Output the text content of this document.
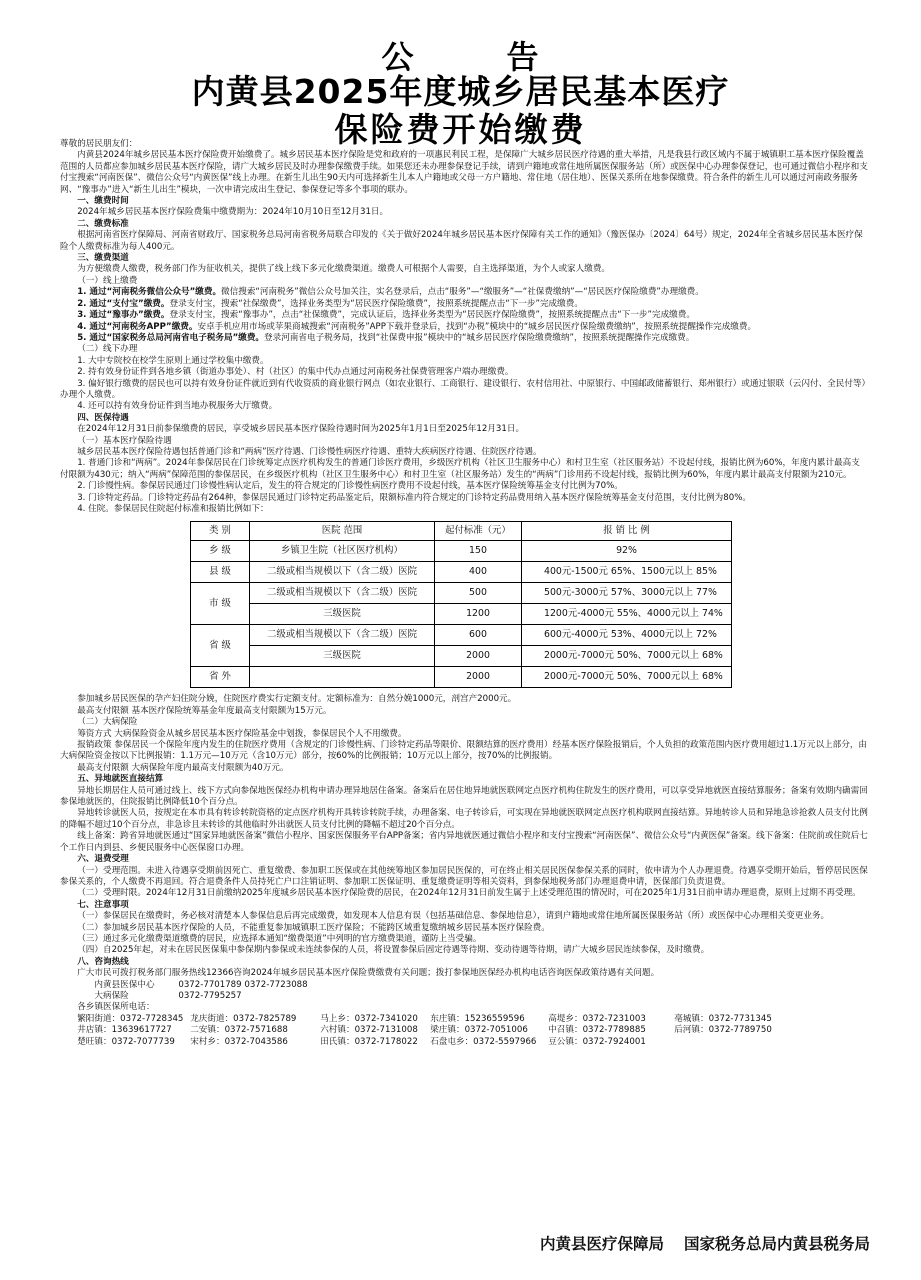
公	告
内黄县2025年度城乡居民基本医疗
保险费开始缴费

尊敬的居民朋友们：

内黄县2024年城乡居民基本医疗保险费开始缴费了。城乡居民基本医疗保险是党和政府的一项惠民利民工程，是保障广大城乡居民医疗待遇的重大举措，凡是我县行政区域内不属于城镇职工基本医疗保险覆盖范围的人员都应参加城乡居民基本医疗保险，请广大城乡居民及时办理参保缴费手续。如果您还未办理参保登记手续，请到户籍地或常住地所属医保服务站（所）或医保中心办理参保登记，也可通过微信小程序和支付宝搜索“河南医保”、微信公众号“内黄医保”线上办理。在新生儿出生90天内可选择新生儿本人户籍地或父母一方户籍地、常住地（居住地）、医保关系所在地参保缴费。符合条件的新生儿可以通过河南政务服务网、“豫事办”进入“新生儿出生”模块，一次申请完成出生登记、参保登记等多个事项的联办。

一、缴费时间

2024年城乡居民基本医疗保险费集中缴费期为：2024年10月10日至12月31日。

二、缴费标准

根据河南省医疗保障局、河南省财政厅、国家税务总局河南省税务局联合印发的《关于做好2024年城乡居民基本医疗保障有关工作的通知》（豫医保办〔2024〕64号）规定，2024年全省城乡居民基本医疗保险个人缴费标准为每人400元。

三、缴费渠道

为方便缴费人缴费，税务部门作为征收机关，提供了线上线下多元化缴费渠道。缴费人可根据个人需要，自主选择渠道，为个人或家人缴费。

（一）线上缴费

1. 通过“河南税务微信公众号”缴费。微信搜索“河南税务”微信公众号加关注，实名登录后，点击“服务”—“缴服务”—“社保费缴纳”—“居民医疗保险缴费”办理缴费。

2. 通过“支付宝”缴费。登录支付宝，搜索“社保缴费”，选择业务类型为“居民医疗保险缴费”，按照系统提醒点击“下一步”完成缴费。

3. 通过“豫事办”缴费。登录支付宝，搜索“豫事办”，点击“社保缴费”，完成认证后，选择业务类型为“居民医疗保险缴费”，按照系统提醒点击“下一步”完成缴费。

4. 通过“河南税务APP”缴费。安卓手机应用市场或苹果商城搜索“河南税务”APP下载并登录后，找到“办税”模块中的“城乡居民医疗保险缴费缴纳”，按照系统提醒操作完成缴费。

5. 通过“国家税务总局河南省电子税务局”缴费。登录河南省电子税务局，找到“社保费申报”模块中的“城乡居民医疗保险缴费缴纳”，按照系统提醒操作完成缴费。

（二）线下办理

1. 大中专院校在校学生原则上通过学校集中缴费。

2. 持有效身份证件到各地乡镇（街道办事处）、村（社区）的集中代办点通过河南税务社保费管理客户端办理缴费。

3. 偏好银行缴费的居民也可以持有效身份证件就近到有代收资质的商业银行网点（如农业银行、工商银行、建设银行、农村信用社、中原银行、中国邮政储蓄银行、郑州银行）或通过银联（云闪付、全民付等）办理个人缴费。

4. 还可以持有效身份证件到当地办税服务大厅缴费。

四、医保待遇

在2024年12月31日前参保缴费的居民，享受城乡居民基本医疗保险待遇时间为2025年1月1日至2025年12月31日。

（一）基本医疗保险待遇

城乡居民基本医疗保险待遇包括普通门诊和“两病”医疗待遇、门诊慢性病医疗待遇、重特大疾病医疗待遇、住院医疗待遇。

1. 普通门诊和“两病”。2024年参保居民在门诊统筹定点医疗机构发生的普通门诊医疗费用，乡级医疗机构（社区卫生服务中心）和村卫生室（社区服务站）不设起付线，报销比例为60%，年度内累计最高支付限额为430元；纳入“两病”保障范围的参保居民，在乡级医疗机构（社区卫生服务中心）和村卫生室（社区服务站）发生的“两病”门诊用药不设起付线，报销比例为60%，年度内累计最高支付限额为210元。

2. 门诊慢性病。参保居民通过门诊慢性病认定后，发生的符合规定的门诊慢性病医疗费用不设起付线，基本医疗保险统筹基金支付比例为70%。

3. 门诊特定药品。门诊特定药品有264种，参保居民通过门诊特定药品鉴定后，限额标准内符合规定的门诊特定药品费用纳入基本医疗保险统筹基金支付范围，支付比例为80%。

4. 住院。参保居民住院起付标准和报销比例如下：

类 别	医院 范围	起付标准（元）	报 销 比 例
乡 级	乡镇卫生院（社区医疗机构）	150	92%
县 级	二级或相当规模以下（含二级）医院	400	400元-1500元 65%、1500元以上 85%
市 级	二级或相当规模以下（含二级）医院	500	500元-3000元 57%、3000元以上 77%
	三级医院	1200	1200元-4000元 55%、4000元以上 74%
省 级	二级或相当规模以下（含二级）医院	600	600元-4000元 53%、4000元以上 72%
	三级医院	2000	2000元-7000元 50%、7000元以上 68%
省 外		2000	2000元-7000元 50%、7000元以上 68%

参加城乡居民医保的孕产妇住院分娩，住院医疗费实行定额支付。定额标准为：自然分娩1000元，剖宫产2000元。

最高支付限额 基本医疗保险统筹基金年度最高支付限额为15万元。

（二）大病保险

筹资方式 大病保险资金从城乡居民基本医疗保险基金中划拨，参保居民个人不用缴费。

报销政策 参保居民一个保险年度内发生的住院医疗费用（含规定的门诊慢性病、门诊特定药品等限价、限额结算的医疗费用）经基本医疗保险报销后，个人负担的政策范围内医疗费用超过1.1万元以上部分，由大病保险资金按以下比例报销：1.1万元—10万元（含10万元）部分，按60%的比例报销；10万元以上部分，按70%的比例报销。

最高支付限额 大病保险年度内最高支付限额为40万元。

五、异地就医直接结算

异地长期居住人员可通过线上、线下方式向参保地医保经办机构申请办理异地居住备案。备案后在居住地异地就医联网定点医疗机构住院发生的医疗费用，可以享受异地就医直接结算服务；备案有效期内确需回参保地就医的，住院报销比例降低10个百分点。

异地转诊就医人员，按规定在本市具有转诊转院资格的定点医疗机构开具转诊转院手续，办理备案、电子转诊后，可实现在异地就医联网定点医疗机构联网直接结算。异地转诊人员和异地急诊抢救人员支付比例的降幅不超过10个百分点，非急诊且未转诊的其他临时外出就医人员支付比例的降幅不超过20个百分点。

线上备案：跨省异地就医通过“国家异地就医备案”微信小程序、国家医保服务平台APP备案；省内异地就医通过微信小程序和支付宝搜索“河南医保”、微信公众号“内黄医保”备案。线下备案：住院前或住院后七个工作日内到县、乡便民服务中心医保窗口办理。

六、退费受理

（一）受理范围。未进入待遇享受期前因死亡、重复缴费、参加职工医保或在其他统筹地区参加居民医保的，可在终止相关居民医保参保关系的同时，依申请为个人办理退费。待遇享受期开始后，暂停居民医保参保关系的，个人缴费不再退回。符合退费条件人员持死亡户口注销证明、参加职工医保证明、重复缴费证明等相关资料，到参保地税务部门办理退费申请，医保部门负责退费。

（二）受理时限。2024年12月31日前缴纳2025年度城乡居民基本医疗保险费的居民，在2024年12月31日前发生属于上述受理范围的情况时，可在2025年1月31日前申请办理退费，原则上过期不再受理。

七、注意事项

（一）参保居民在缴费时，务必核对清楚本人参保信息后再完成缴费，如发现本人信息有误（包括基础信息、参保地信息），请到户籍地或常住地所属医保服务站（所）或医保中心办理相关变更业务。

（二）参加城乡居民基本医疗保险的人员，不能重复参加城镇职工医疗保险；不能跨区域重复缴纳城乡居民基本医疗保险费。

（三）通过多元化缴费渠道缴费的居民，应选择本通知“缴费渠道”中列明的官方缴费渠道，谨防上当受骗。

（四）自2025年起，对未在居民医保集中参保期内参保或未连续参保的人员，将设置参保后固定待遇等待期、变动待遇等待期，请广大城乡居民连续参保，及时缴费。

八、咨询热线

广大市民可拨打税务部门服务热线12366咨询2024年城乡居民基本医疗保险费缴费有关问题；拨打参保地医保经办机构电话咨询医保政策待遇有关问题。

内黄县医保中心	0372-7701789 0372-7723088

大病保险	0372-7795257

各乡镇医保所电话：

繁阳街道：0372-7728345 龙庆街道：0372-7825789	马上乡：0372-7341020	东庄镇：15236559596	高堤乡：0372-7231003	亳城镇：0372-7731345
井店镇：13639617727	二安镇：0372-7571688	六村镇：0372-7131008	梁庄镇：0372-7051006	中召镇：0372-7789885	后河镇：0372-7789750
楚旺镇：0372-7077739	宋村乡：0372-7043586	田氏镇：0372-7178022	石盘屯乡：0372-5597966	豆公镇：0372-7924001
内黄县医疗保障局 国家税务总局内黄县税务局
